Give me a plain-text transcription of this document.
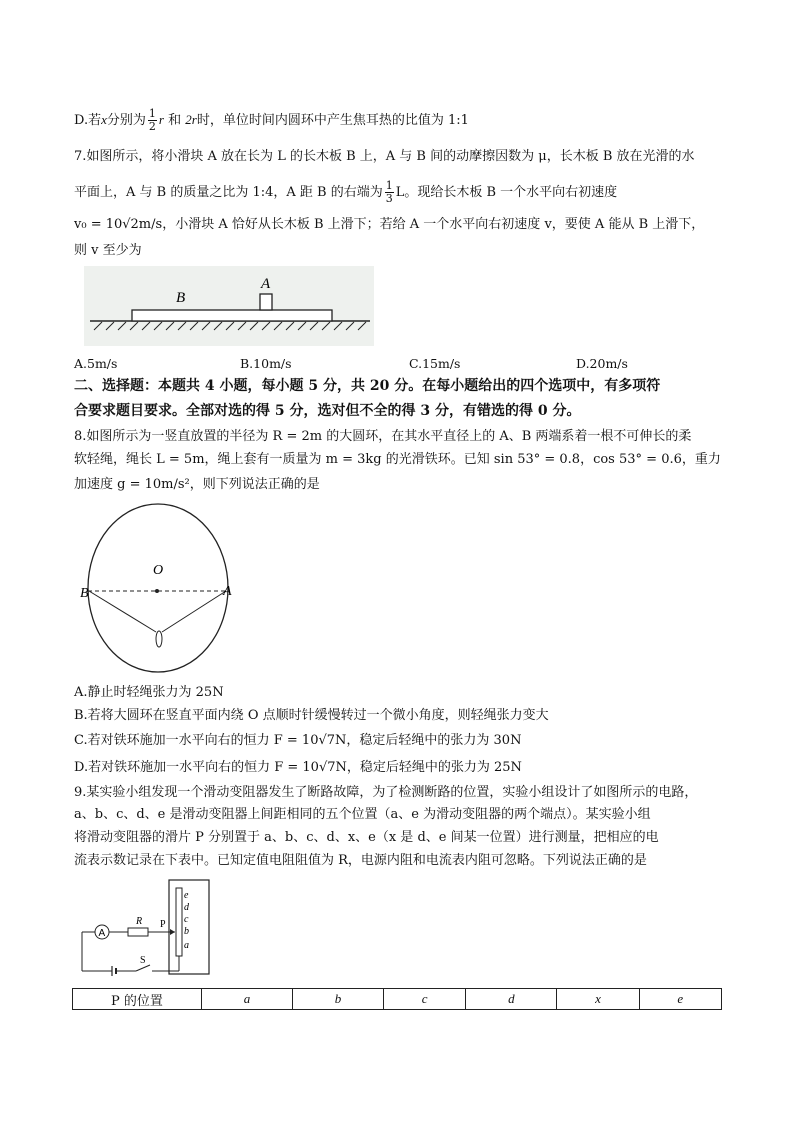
D.若x分别为 $\frac{1}{2}$ r 和 2r时，单位时间内圆环中产生焦耳热的比值为 1:1
7.如图所示，将小滑块 A 放在长为 L 的长木板 B 上，A 与 B 间的动摩擦因数为 μ，长木板 B 放在光滑的水
平面上，A 与 B 的质量之比为 1:4，A 距 B 的右端为 $\frac{1}{3}$ L。现给长木板 B 一个水平向右初速度
v₀ = 10√2m/s，小滑块 A 恰好从长木板 B 上滑下；若给 A 一个水平向右初速度 v，要使 A 能从 B 上滑下，
则 v 至少为
B
A
A.5m/s	B.10m/s	C.15m/s	D.20m/s
二、选择题：本题共 4 小题，每小题 5 分，共 20 分。在每小题给出的四个选项中，有多项符
合要求题目要求。全部对选的得 5 分，选对但不全的得 3 分，有错选的得 0 分。
8.如图所示为一竖直放置的半径为 R = 2m 的大圆环，在其水平直径上的 A、B 两端系着一根不可伸长的柔
软轻绳，绳长 L = 5m，绳上套有一质量为 m = 3kg 的光滑铁环。已知 sin 53° = 0.8，cos 53° = 0.6，重力
加速度 g = 10m/s²，则下列说法正确的是
O
B	A
A.静止时轻绳张力为 25N
B.若将大圆环在竖直平面内绕 O 点顺时针缓慢转过一个微小角度，则轻绳张力变大
C.若对铁环施加一水平向右的恒力 F = 10√7N，稳定后轻绳中的张力为 30N
D.若对铁环施加一水平向右的恒力 F = 10√7N，稳定后轻绳中的张力为 25N
9.某实验小组发现一个滑动变阻器发生了断路故障，为了检测断路的位置，实验小组设计了如图所示的电路，
a、b、c、d、e 是滑动变阻器上间距相同的五个位置（a、e 为滑动变阻器的两个端点）。某实验小组
将滑动变阻器的滑片 P 分别置于 a、b、c、d、x、e（x 是 d、e 间某一位置）进行测量，把相应的电
流表示数记录在下表中。已知定值电阻阻值为 R，电源内阻和电流表内阻可忽略。下列说法正确的是
e
d
c
b
a
A
R P
S
P 的位置	a	b	c	d	x	e
